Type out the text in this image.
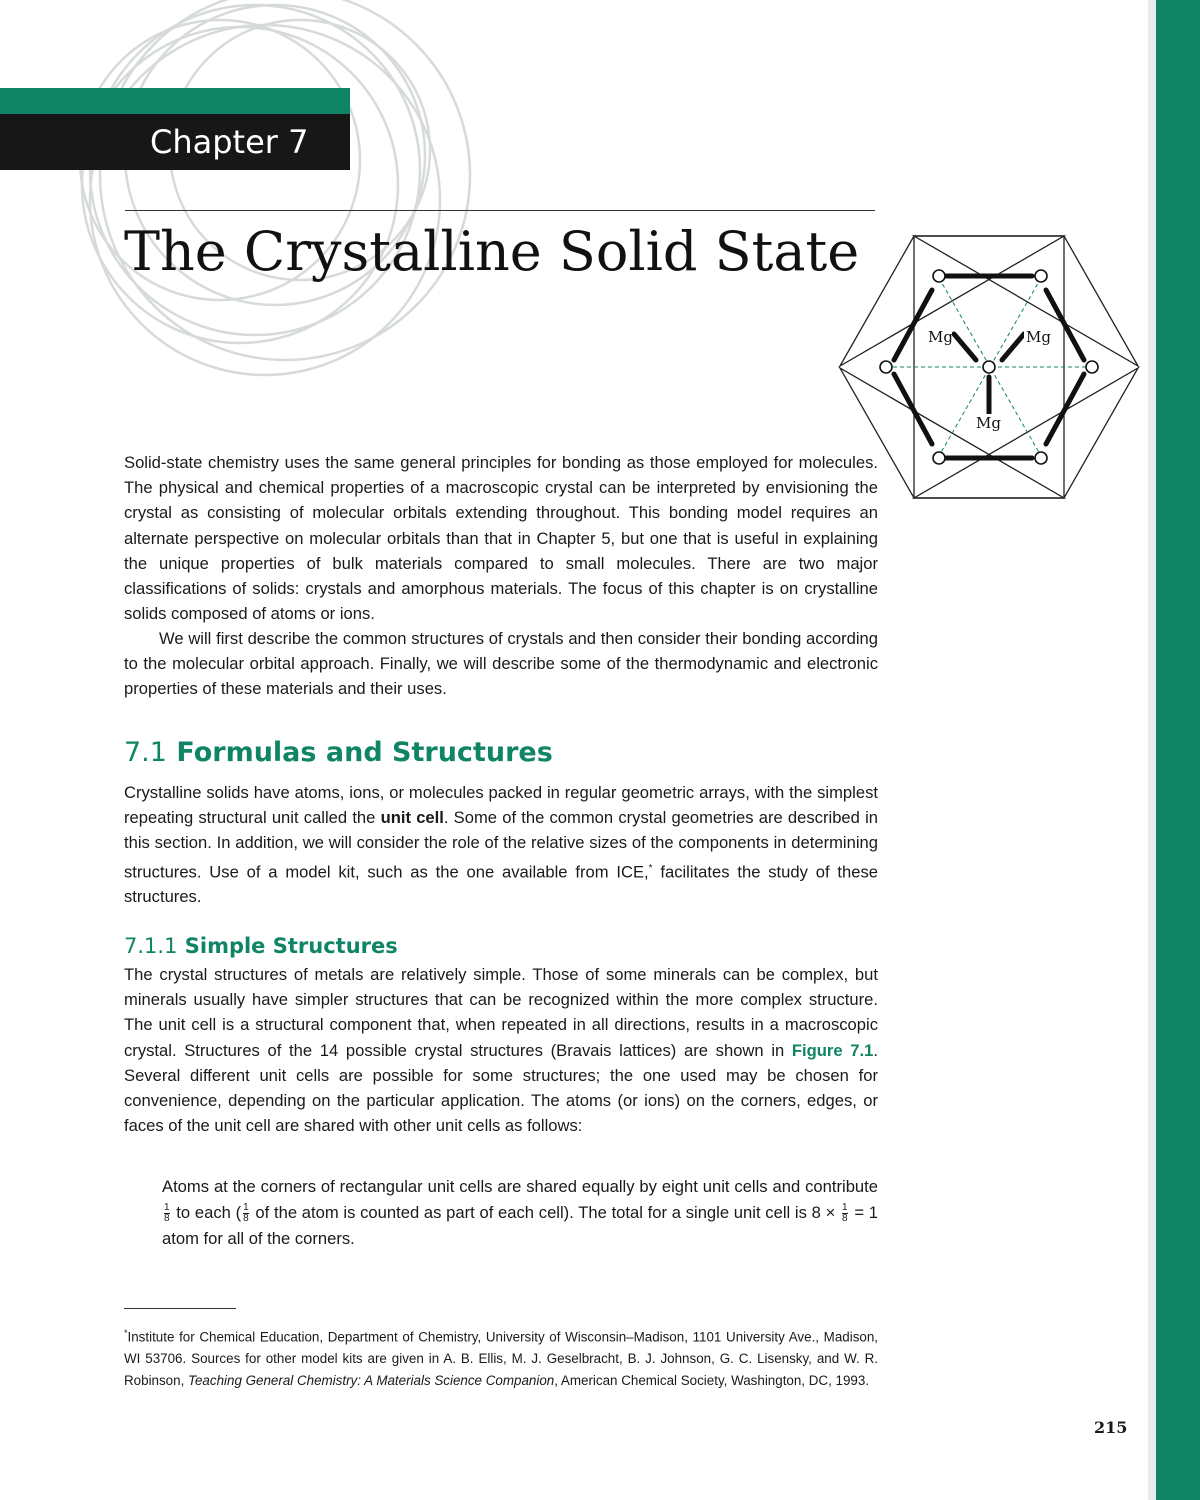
Chapter 7
The Crystalline Solid State
Mg	Mg
Mg

Solid-state chemistry uses the same general principles for bonding as those employed for molecules. The physical and chemical properties of a macroscopic crystal can be interpreted by envisioning the crystal as consisting of molecular orbitals extending throughout. This bonding model requires an alternate perspective on molecular orbitals than that in Chapter 5, but one that is useful in explaining the unique properties of bulk materials compared to small molecules. There are two major classifications of solids: crystals and amorphous materials. The focus of this chapter is on crystalline solids composed of atoms or ions.

We will first describe the common structures of crystals and then consider their bonding according to the molecular orbital approach. Finally, we will describe some of the thermodynamic and electronic properties of these materials and their uses.

7.1 Formulas and Structures

Crystalline solids have atoms, ions, or molecules packed in regular geometric arrays, with the simplest repeating structural unit called the unit cell. Some of the common crystal geometries are described in this section. In addition, we will consider the role of the relative sizes of the components in determining structures. Use of a model kit, such as the one available from ICE,* facilitates the study of these structures.

7.1.1 Simple Structures

The crystal structures of metals are relatively simple. Those of some minerals can be complex, but minerals usually have simpler structures that can be recognized within the more complex structure. The unit cell is a structural component that, when repeated in all directions, results in a macroscopic crystal. Structures of the 14 possible crystal structures (Bravais lattices) are shown in Figure 7.1. Several different unit cells are possible for some structures; the one used may be chosen for convenience, depending on the particular application. The atoms (or ions) on the corners, edges, or faces of the unit cell are shared with other unit cells as follows:

Atoms at the corners of rectangular unit cells are shared equally by eight unit cells and contribute
$\frac{1}{8}$ to each ( $\frac{1}{8}$ of the atom is counted as part of each cell). The total for a single unit cell is $8 \times \frac{1}{8} = 1$ atom for all of the corners.

*Institute for Chemical Education, Department of Chemistry, University of Wisconsin–Madison, 1101 University Ave., Madison, WI 53706. Sources for other model kits are given in A. B. Ellis, M. J. Geselbracht, B. J. Johnson, G. C. Lisensky, and W. R. Robinson, Teaching General Chemistry: A Materials Science Companion, American Chemical Society, Washington, DC, 1993.

215
